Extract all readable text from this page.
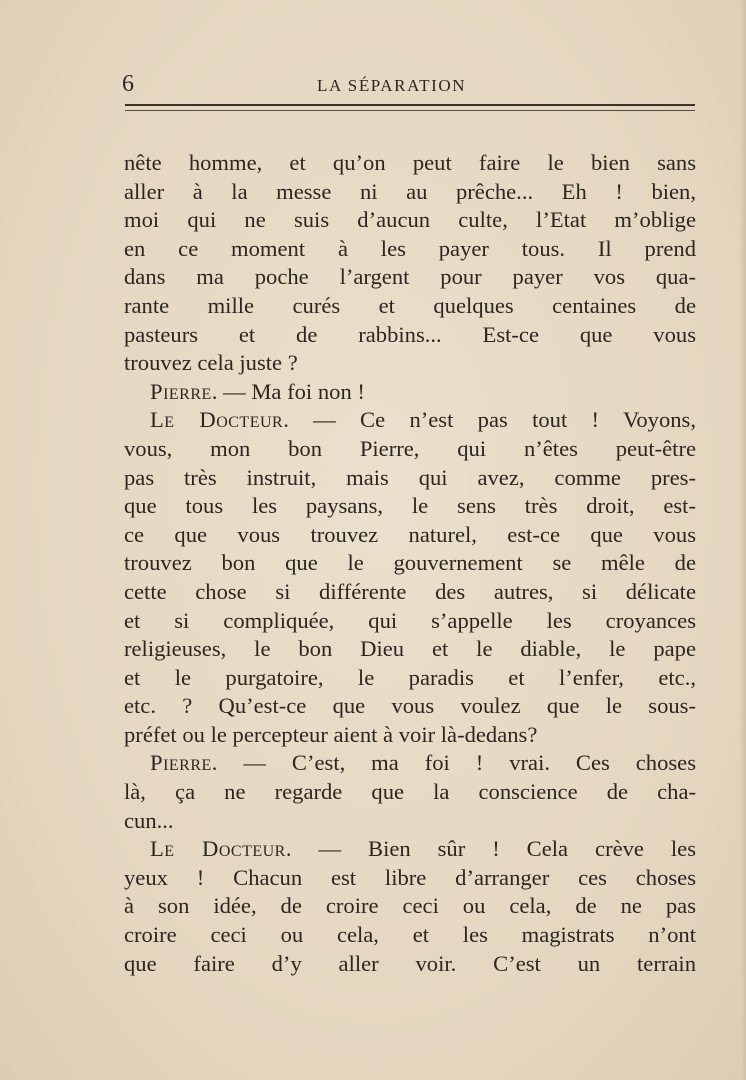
6	LA SÉPARATION
nête homme, et qu’on peut faire le bien sans
aller à la messe ni au prêche... Eh ! bien,
moi qui ne suis d’aucun culte, l’Etat m’oblige
en ce moment à les payer tous. Il prend
dans ma poche l’argent pour payer vos qua-
rante mille curés et quelques centaines de
pasteurs et de rabbins... Est-ce que vous
trouvez cela juste ?
Pierre. — Ma foi non !
Le Docteur. — Ce n’est pas tout ! Voyons,
vous, mon bon Pierre, qui n’êtes peut-être
pas très instruit, mais qui avez, comme pres-
que tous les paysans, le sens très droit, est-
ce que vous trouvez naturel, est-ce que vous
trouvez bon que le gouvernement se mêle de
cette chose si différente des autres, si délicate
et si compliquée, qui s’appelle les croyances
religieuses, le bon Dieu et le diable, le pape
et le purgatoire, le paradis et l’enfer, etc.,
etc. ? Qu’est-ce que vous voulez que le sous-
préfet ou le percepteur aient à voir là-dedans?
Pierre. — C’est, ma foi ! vrai. Ces choses
là, ça ne regarde que la conscience de cha-
cun...
Le Docteur. — Bien sûr ! Cela crève les
yeux ! Chacun est libre d’arranger ces choses
à son idée, de croire ceci ou cela, de ne pas
croire ceci ou cela, et les magistrats n’ont
que faire d’y aller voir. C’est un terrain
